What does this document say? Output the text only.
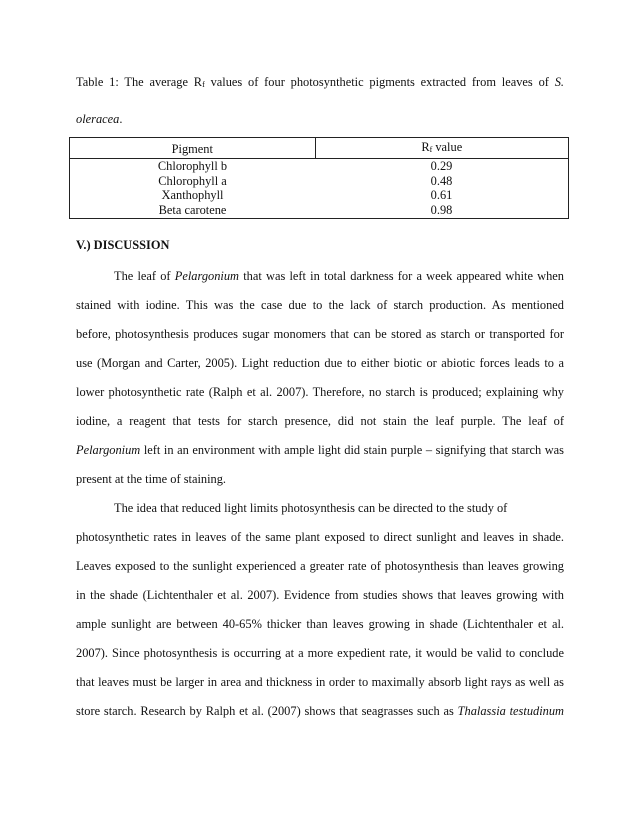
Table 1: The average $R_f$ values of four photosynthetic pigments extracted from leaves of S.
oleracea.
Pigment	$R_f$ value
Chlorophyll b	0.29
Chlorophyll a	0.48
Xanthophyll	0.61
Beta carotene	0.98
V.) DISCUSSION

The leaf of Pelargonium that was left in total darkness for a week appeared white when
stained with iodine. This was the case due to the lack of starch production. As mentioned
before, photosynthesis produces sugar monomers that can be stored as starch or transported for
use (Morgan and Carter, 2005). Light reduction due to either biotic or abiotic forces leads to a
lower photosynthetic rate (Ralph et al. 2007). Therefore, no starch is produced; explaining why
iodine, a reagent that tests for starch presence, did not stain the leaf purple. The leaf of
Pelargonium left in an environment with ample light did stain purple – signifying that starch was
present at the time of staining.

The idea that reduced light limits photosynthesis can be directed to the study of
photosynthetic rates in leaves of the same plant exposed to direct sunlight and leaves in shade.
Leaves exposed to the sunlight experienced a greater rate of photosynthesis than leaves growing
in the shade (Lichtenthaler et al. 2007). Evidence from studies shows that leaves growing with
ample sunlight are between 40-65% thicker than leaves growing in shade (Lichtenthaler et al.
2007). Since photosynthesis is occurring at a more expedient rate, it would be valid to conclude
that leaves must be larger in area and thickness in order to maximally absorb light rays as well as
store starch. Research by Ralph et al. (2007) shows that seagrasses such as Thalassia testudinum
